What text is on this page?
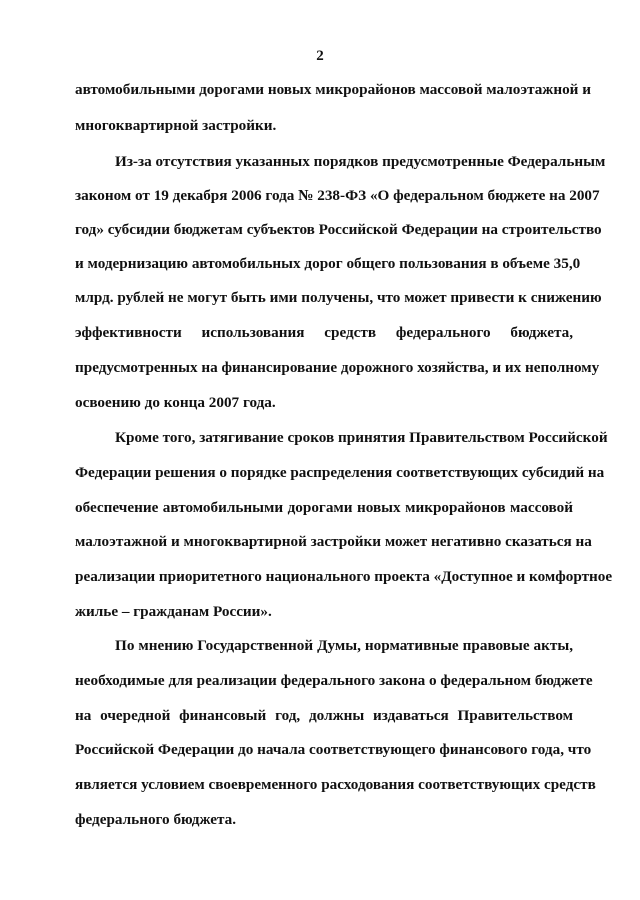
2
автомобильными дорогами новых микрорайонов массовой малоэтажной и
многоквартирной застройки.
Из-за отсутствия указанных порядков предусмотренные Федеральным
законом от 19 декабря 2006 года № 238-ФЗ «О федеральном бюджете на 2007
год» субсидии бюджетам субъектов Российской Федерации на строительство
и модернизацию автомобильных дорог общего пользования в объеме 35,0
млрд. рублей не могут быть ими получены, что может привести к снижению
эффективности использования средств федерального бюджета,
предусмотренных на финансирование дорожного хозяйства, и их неполному
освоению до конца 2007 года.
Кроме того, затягивание сроков принятия Правительством Российской
Федерации решения о порядке распределения соответствующих субсидий на
обеспечение автомобильными дорогами новых микрорайонов массовой
малоэтажной и многоквартирной застройки может негативно сказаться на
реализации приоритетного национального проекта «Доступное и комфортное
жилье – гражданам России».
По мнению Государственной Думы, нормативные правовые акты,
необходимые для реализации федерального закона о федеральном бюджете
на очередной финансовый год, должны издаваться Правительством
Российской Федерации до начала соответствующего финансового года, что
является условием своевременного расходования соответствующих средств
федерального бюджета.
